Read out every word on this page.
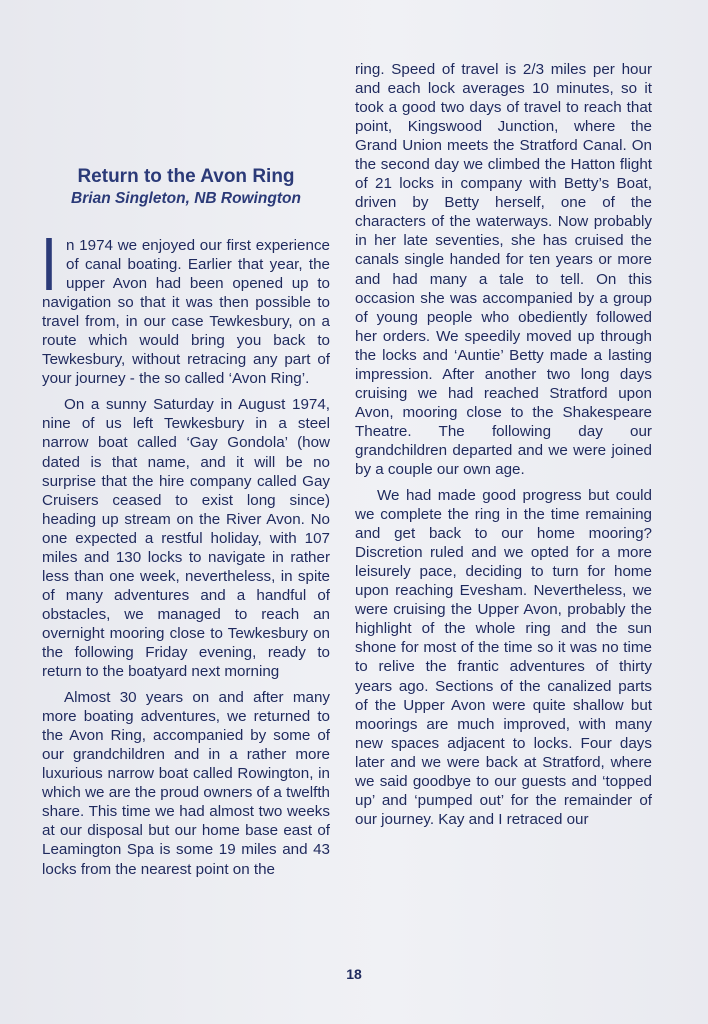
Return to the Avon Ring
Brian Singleton, NB Rowington

n 1974 we enjoyed our first experience of canal boating. Earlier that year, the upper Avon had been opened up to navigation so that it was then possible to travel from, in our case Tewkesbury, on a route which would bring you back to Tewkesbury, without retracing any part of your journey - the so called ‘Avon Ring’.

On a sunny Saturday in August 1974, nine of us left Tewkesbury in a steel narrow boat called ‘Gay Gondola’ (how dated is that name, and it will be no surprise that the hire company called Gay Cruisers ceased to exist long since) heading up stream on the River Avon. No one expected a restful holiday, with 107 miles and 130 locks to navigate in rather less than one week, nevertheless, in spite of many adventures and a handful of obstacles, we managed to reach an overnight mooring close to Tewkesbury on the following Friday evening, ready to return to the boatyard next morning

Almost 30 years on and after many more boating adventures, we returned to the Avon Ring, accompanied by some of our grandchildren and in a rather more luxurious narrow boat called Rowington, in which we are the proud owners of a twelfth share. This time we had almost two weeks at our disposal but our home base east of Leamington Spa is some 19 miles and 43 locks from the nearest point on the

ring. Speed of travel is 2/3 miles per hour and each lock averages 10 minutes, so it took a good two days of travel to reach that point, Kingswood Junction, where the Grand Union meets the Stratford Canal. On the second day we climbed the Hatton flight of 21 locks in company with Betty’s Boat, driven by Betty herself, one of the characters of the waterways. Now probably in her late seventies, she has cruised the canals single handed for ten years or more and had many a tale to tell. On this occasion she was accompanied by a group of young people who obediently followed her orders. We speedily moved up through the locks and ‘Auntie’ Betty made a lasting impression. After another two long days cruising we had reached Stratford upon Avon, mooring close to the Shakespeare Theatre. The following day our grandchildren departed and we were joined by a couple our own age.

We had made good progress but could we complete the ring in the time remaining and get back to our home mooring? Discretion ruled and we opted for a more leisurely pace, deciding to turn for home upon reaching Evesham. Nevertheless, we were cruising the Upper Avon, probably the highlight of the whole ring and the sun shone for most of the time so it was no time to relive the frantic adventures of thirty years ago. Sections of the canalized parts of the Upper Avon were quite shallow but moorings are much improved, with many new spaces adjacent to locks. Four days later and we were back at Stratford, where we said goodbye to our guests and ‘topped up’ and ‘pumped out’ for the remainder of our journey. Kay and I retraced our

18
